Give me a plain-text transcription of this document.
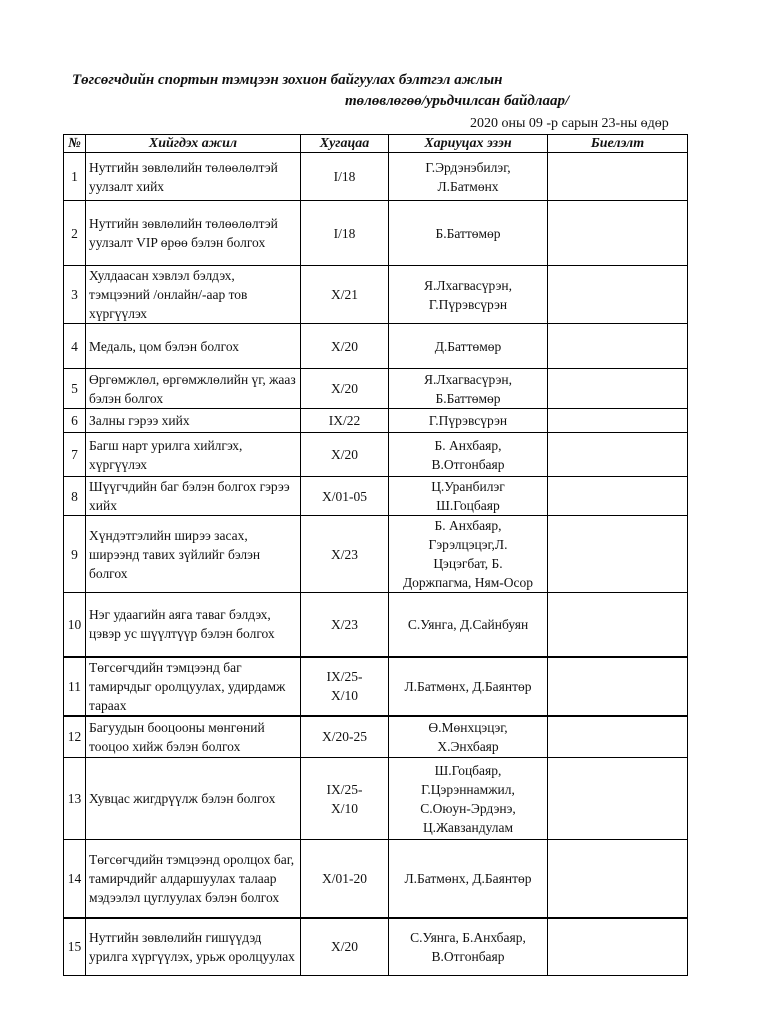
Төгсөгчдийн спортын тэмцээн зохион байгуулах бэлтгэл ажлын
төлөвлөгөө/урьдчилсан байдлаар/
2020 оны 09 -р сарын 23-ны өдөр
№	Хийгдэх ажил	Хугацаа	Хариуцах эзэн	Биелэлт
1	Нутгийн зөвлөлийн төлөөлөлтэй уулзалт хийх	I/18	Г.Эрдэнэбилэг,
Л.Батмөнх	

2	Нутгийн зөвлөлийн төлөөлөлтэй уулзалт VIP өрөө бэлэн болгох	I/18	Б.Баттөмөр	

3	Хулдаасан хэвлэл бэлдэх, тэмцээний /онлайн/-аар тов хүргүүлэх	X/21	Я.Лхагвасүрэн,
Г.Пүрэвсүрэн	

4	Медаль, цом бэлэн болгох	X/20	Д.Баттөмөр	

5	Өргөмжлөл, өргөмжлөлийн үг, жааз бэлэн болгох	X/20	Я.Лхагвасүрэн,
Б.Баттөмөр	

6	Залны гэрээ хийх	IX/22	Г.Пүрэвсүрэн	

7	Багш нарт урилга хийлгэх, хүргүүлэх	X/20	Б. Анхбаяр,
В.Отгонбаяр	

8	Шүүгчдийн баг бэлэн болгох гэрээ хийх	X/01-05	Ц.Уранбилэг
Ш.Гоцбаяр	

9	Хүндэтгэлийн ширээ засах, ширээнд тавих зүйлийг бэлэн болгох	X/23	Б. Анхбаяр,
Гэрэлцэцэг,Л.
Цэцэгбат, Б.
Доржпагма, Ням-Осор	

10	Нэг удаагийн аяга таваг бэлдэх, цэвэр ус шүүлтүүр бэлэн болгох	X/23	С.Уянга, Д.Сайнбуян	

11	Төгсөгчдийн тэмцээнд баг тамирчдыг оролцуулах, удирдамж тараах	IX/25-
X/10	Л.Батмөнх, Д.Баянтөр	

12	Багуудын бооцооны мөнгөний тооцоо хийж бэлэн болгох	X/20-25	Ө.Мөнхцэцэг,
Х.Энхбаяр	

13	Хувцас жигдрүүлж бэлэн болгох	IX/25-
X/10	Ш.Гоцбаяр,
Г.Цэрэннамжил,
С.Оюун-Эрдэнэ,
Ц.Жавзандулам	

14	Төгсөгчдийн тэмцээнд оролцох баг, тамирчдийг алдаршуулах талаар мэдээлэл цуглуулах бэлэн болгох	X/01-20	Л.Батмөнх, Д.Баянтөр	

15	Нутгийн зөвлөлийн гишүүдэд урилга хүргүүлэх, урьж оролцуулах	X/20	С.Уянга, Б.Анхбаяр,
В.Отгонбаяр	
